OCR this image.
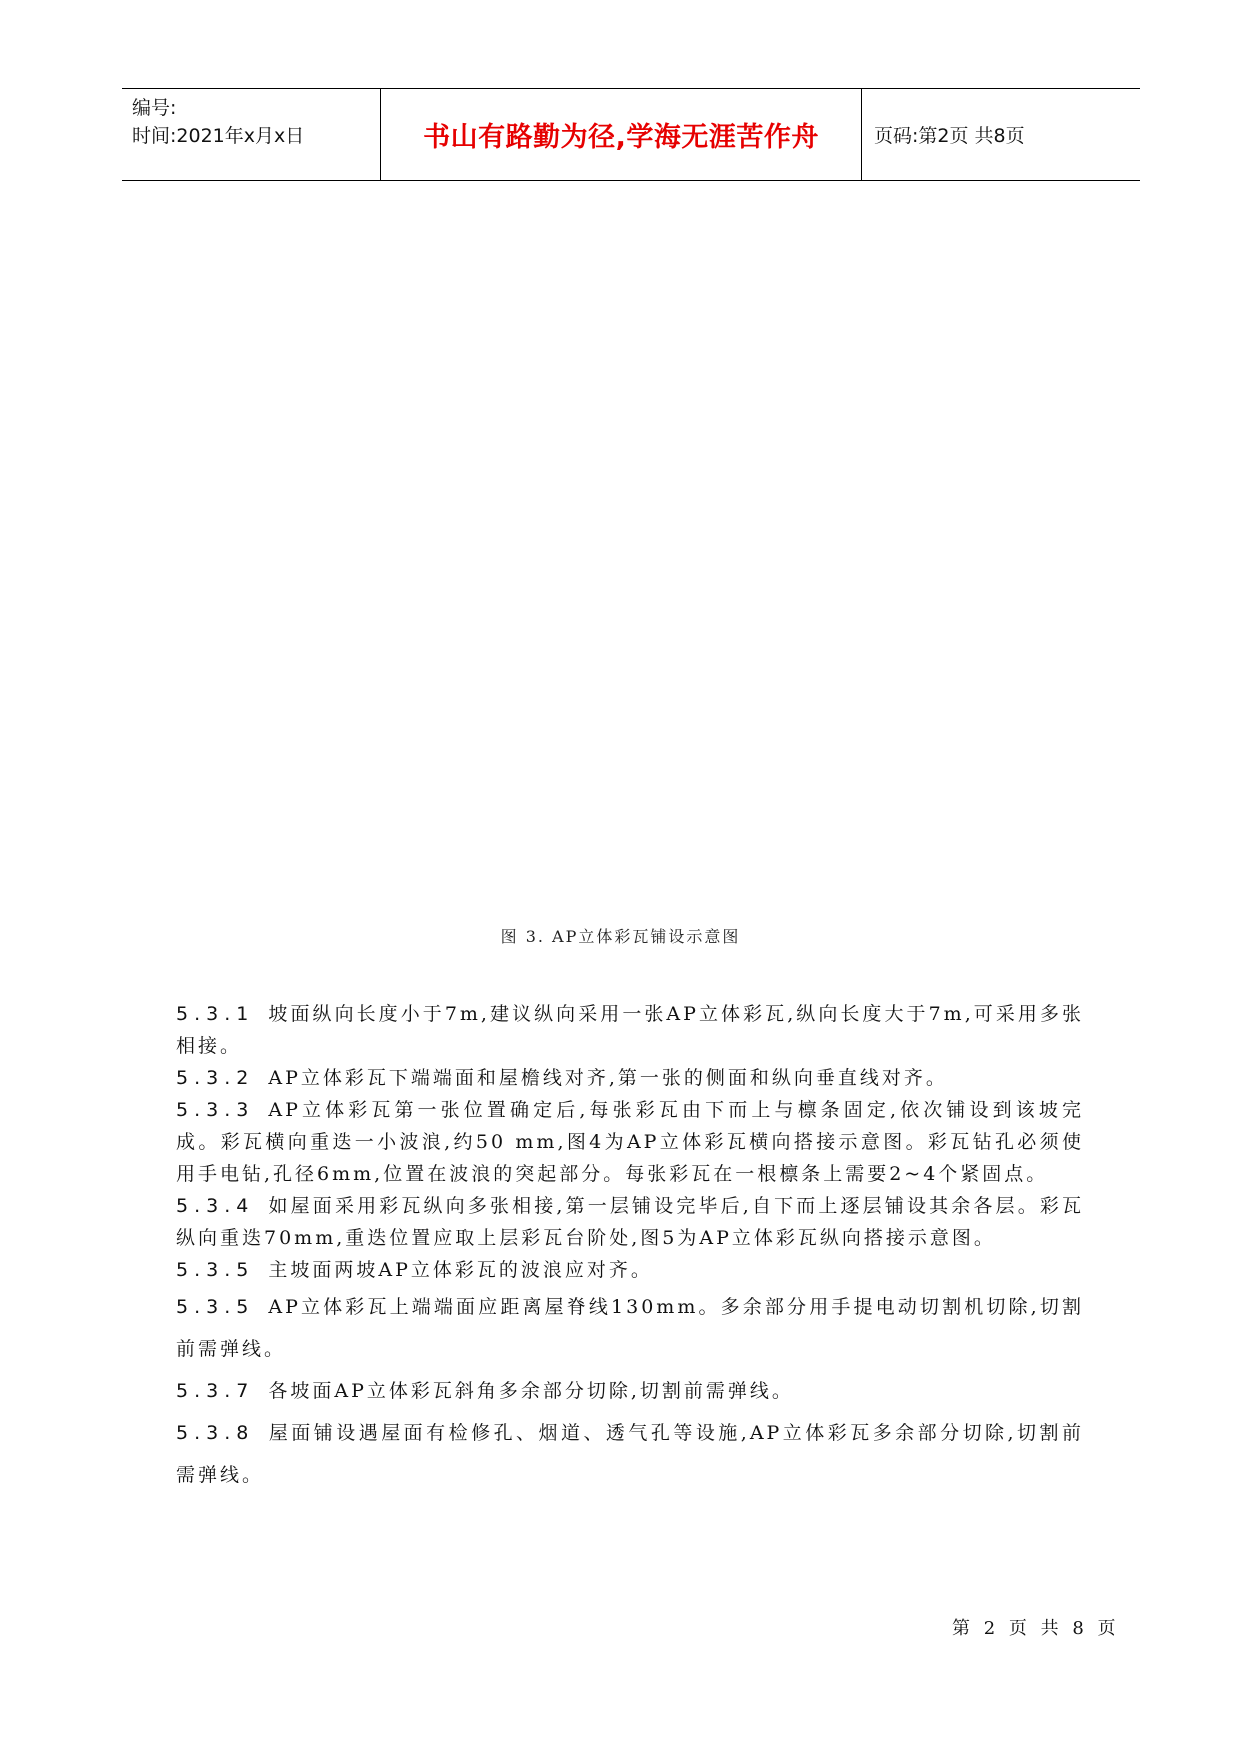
编号:
时间:2021年x月x日	书山有路勤为径,学海无涯苦作舟	页码:第2页 共8页
图 3. AP立体彩瓦铺设示意图

5.3.1 坡面纵向长度小于7m,建议纵向采用一张AP立体彩瓦,纵向长度大于7m,可采用多张相接。

5.3.2 AP立体彩瓦下端端面和屋檐线对齐,第一张的侧面和纵向垂直线对齐。

5.3.3 AP立体彩瓦第一张位置确定后,每张彩瓦由下而上与檩条固定,依次铺设到该坡完成。彩瓦横向重迭一小波浪,约50 mm,图4为AP立体彩瓦横向搭接示意图。彩瓦钻孔必须使用手电钻,孔径6mm,位置在波浪的突起部分。每张彩瓦在一根檩条上需要2~4个紧固点。

5.3.4 如屋面采用彩瓦纵向多张相接,第一层铺设完毕后,自下而上逐层铺设其余各层。彩瓦纵向重迭70mm,重迭位置应取上层彩瓦台阶处,图5为AP立体彩瓦纵向搭接示意图。

5.3.5 主坡面两坡AP立体彩瓦的波浪应对齐。

5.3.5 AP立体彩瓦上端端面应距离屋脊线130mm。多余部分用手提电动切割机切除,切割前需弹线。

5.3.7 各坡面AP立体彩瓦斜角多余部分切除,切割前需弹线。

5.3.8 屋面铺设遇屋面有检修孔、烟道、透气孔等设施,AP立体彩瓦多余部分切除,切割前需弹线。

第 2 页 共 8 页
